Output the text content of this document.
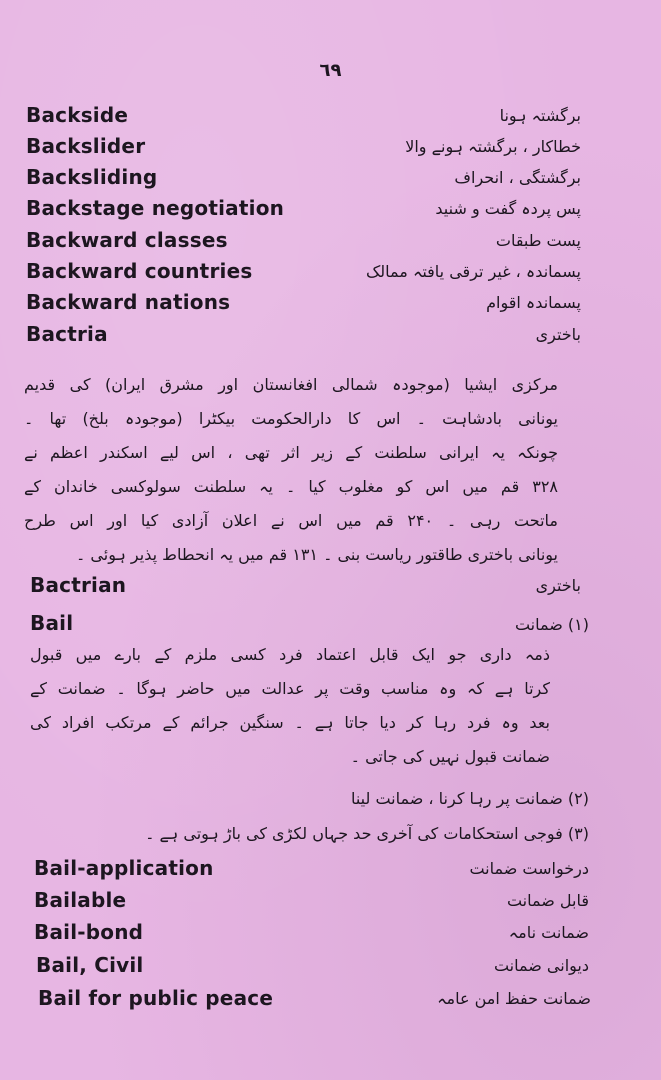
٦٩
Backside	برگشتہ ہونا
Backslider	خطاکار ، برگشتہ ہونے والا
Backsliding	برگشتگی ، انحراف
Backstage negotiation	پس پردہ گفت و شنید
Backward classes	پست طبقات
Backward countries	پسماندہ ، غیر ترقی یافتہ ممالک
Backward nations	پسماندہ اقوام
Bactria	باختری
مرکزی ایشیا (موجودہ شمالی افغانستان اور مشرق ایران) کی قدیم
یونانی بادشاہت ۔ اس کا دارالحکومت بیکٹرا (موجودہ بلخ) تھا ۔
چونکہ یہ ایرانی سلطنت کے زیر اثر تھی ، اس لیے اسکندر اعظم نے
۳۲۸ قم میں اس کو مغلوب کیا ۔ یہ سلطنت سولوکسی خاندان کے
ماتحت رہی ۔ ۲۴۰ قم میں اس نے اعلان آزادی کیا اور اس طرح
یونانی باختری طاقتور ریاست بنی ۔ ۱۳۱ قم میں یہ انحطاط پذیر ہوئی ۔
Bactrian	باختری
Bail	(۱) ضمانت
ذمہ داری جو ایک قابل اعتماد فرد کسی ملزم کے بارے میں قبول
کرتا ہے کہ وہ مناسب وقت پر عدالت میں حاضر ہوگا ۔ ضمانت کے
بعد وہ فرد رہا کر دیا جاتا ہے ۔ سنگین جرائم کے مرتکب افراد کی
ضمانت قبول نہیں کی جاتی ۔
(۲) ضمانت پر رہا کرنا ، ضمانت لینا
(۳) فوجی استحکامات کی آخری حد جہاں لکڑی کی باڑ ہوتی ہے ۔
Bail-application	درخواست ضمانت
Bailable	قابل ضمانت
Bail-bond	ضمانت نامہ
Bail, Civil	دیوانی ضمانت
Bail for public peace	ضمانت حفظ امن عامہ
